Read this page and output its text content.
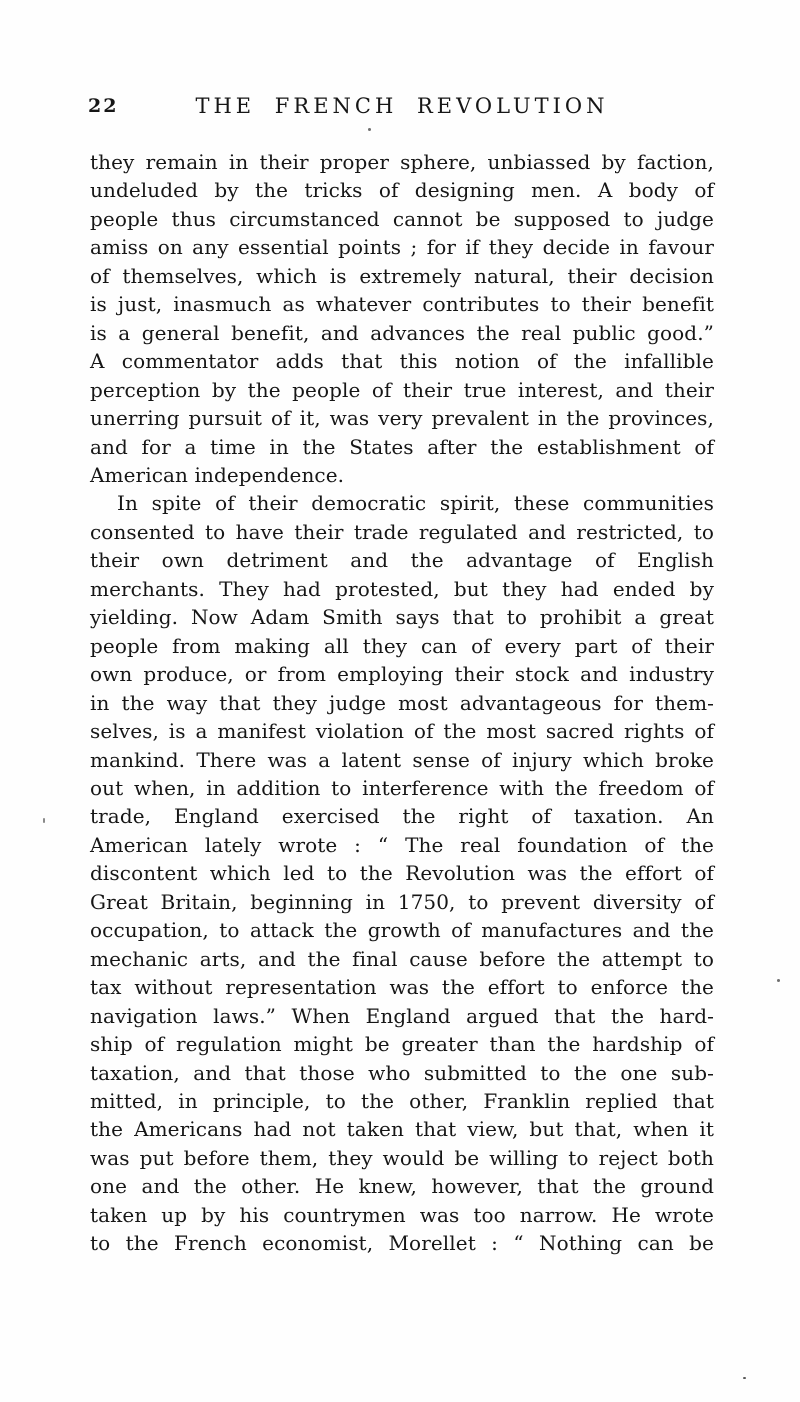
22	THE FRENCH REVOLUTION
they remain in their proper sphere, unbiassed by faction,
undeluded by the tricks of designing men. A body of
people thus circumstanced cannot be supposed to judge
amiss on any essential points ; for if they decide in favour
of themselves, which is extremely natural, their decision
is just, inasmuch as whatever contributes to their benefit
is a general benefit, and advances the real public good.”
A commentator adds that this notion of the infallible
perception by the people of their true interest, and their
unerring pursuit of it, was very prevalent in the provinces,
and for a time in the States after the establishment of
American independence.
In spite of their democratic spirit, these communities
consented to have their trade regulated and restricted, to
their own detriment and the advantage of English
merchants. They had protested, but they had ended by
yielding. Now Adam Smith says that to prohibit a great
people from making all they can of every part of their
own produce, or from employing their stock and industry
in the way that they judge most advantageous for them-
selves, is a manifest violation of the most sacred rights of
mankind. There was a latent sense of injury which broke
out when, in addition to interference with the freedom of
trade, England exercised the right of taxation. An
American lately wrote : “ The real foundation of the
discontent which led to the Revolution was the effort of
Great Britain, beginning in 1750, to prevent diversity of
occupation, to attack the growth of manufactures and the
mechanic arts, and the final cause before the attempt to
tax without representation was the effort to enforce the
navigation laws.” When England argued that the hard-
ship of regulation might be greater than the hardship of
taxation, and that those who submitted to the one sub-
mitted, in principle, to the other, Franklin replied that
the Americans had not taken that view, but that, when it
was put before them, they would be willing to reject both
one and the other. He knew, however, that the ground
taken up by his countrymen was too narrow. He wrote
to the French economist, Morellet : “ Nothing can be
